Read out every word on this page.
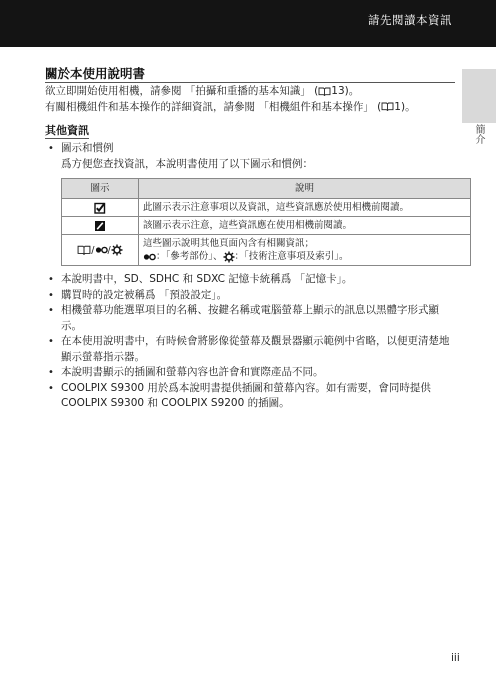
請先閱讀本資訊
簡介
關於本使用說明書

欲立即開始使用相機，請參閱 「拍攝和重播的基本知識」 ( 13)。

有關相機組件和基本操作的詳細資訊，請參閱 「相機組件和基本操作」 ( 1)。

其他資訊
• 圖示和慣例
爲方便您查找資訊，本說明書使用了以下圖示和慣例：
圖示	說明
	此圖示表示注意事項以及資訊，這些資訊應於使用相機前閱讀。
	該圖示表示注意，這些資訊應在使用相機前閱讀。
/ /	這些圖示說明其他頁面內含有相關資訊；
：「參考部份」、 ：「技術注意事項及索引」。
• 本說明書中，SD、SDHC 和 SDXC 記憶卡統稱爲 「記憶卡」。
• 購買時的設定被稱爲 「預設設定」。
• 相機螢幕功能選單項目的名稱、按鍵名稱或電腦螢幕上顯示的訊息以黑體字形式顯示。
• 在本使用說明書中，有時候會將影像從螢幕及觀景器顯示範例中省略，以便更清楚地顯示螢幕指示器。
• 本說明書顯示的插圖和螢幕內容也許會和實際產品不同。
• COOLPIX S9300 用於爲本說明書提供插圖和螢幕內容。如有需要，會同時提供 COOLPIX S9300 和 COOLPIX S9200 的插圖。
iii
